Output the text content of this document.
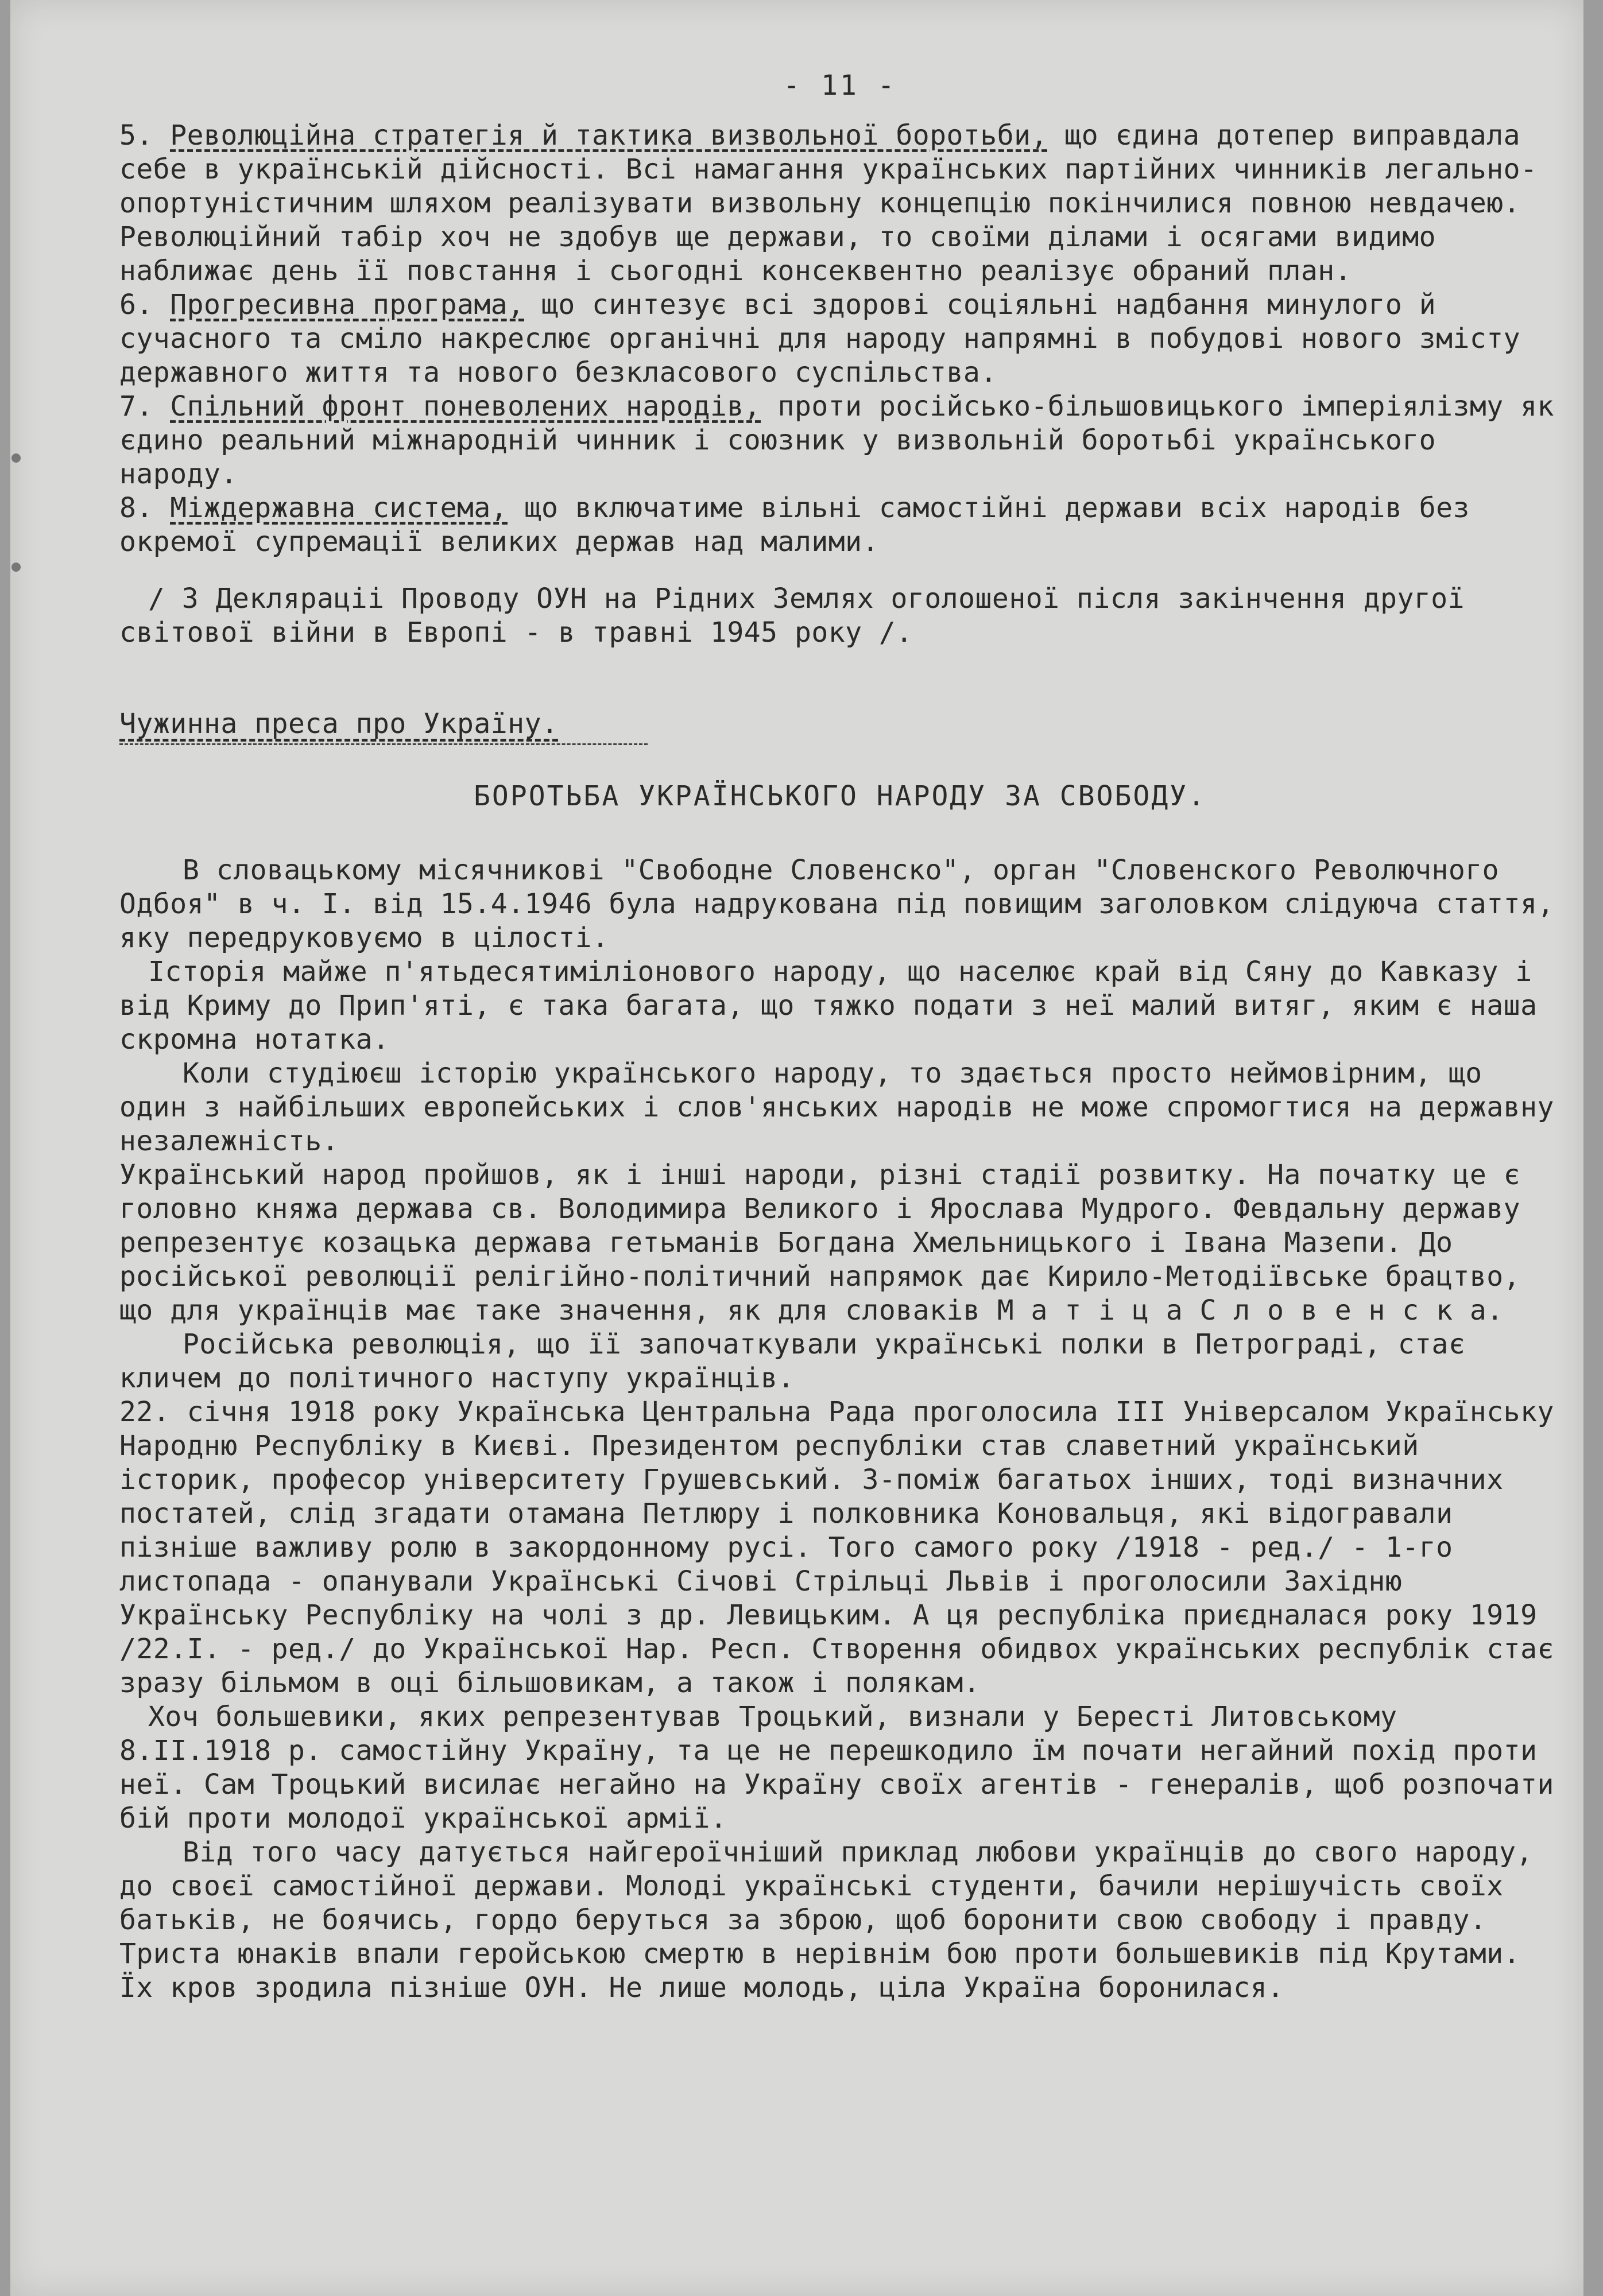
- 11 -

5. Революційна стратегія й тактика визвольної боротьби, що єдина дотепер виправдала себе в українській дійсності. Всі намагання українських партійних чинників легально-опортуністичним шляхом реалізувати визвольну концепцію покінчилися повною невдачею. Революційний табір хоч не здобув ще держави, то своїми ділами і осягами видимо наближає день її повстання і сьогодні консеквентно реалізує обраний план.

6. Прогресивна програма, що синтезує всі здорові соціяльні надбання минулого й сучасного та сміло накреслює органічні для народу напрямні в побудові нового змісту державного життя та нового безкласового суспільства.

7. Спільний фронт поневолених народів, проти російсько-більшовицького імперіялізму як єдино реальний міжнародній чинник і союзник у визвольній боротьбі українського народу.

8. Міждержавна система, що включатиме вільні самостійні держави всіх народів без окремої супремації великих держав над малими.

/ З Декляраціі Проводу ОУН на Рідних Землях оголошеної після закінчення другої світової війни в Европі - в травні 1945 року /.

Чужинна преса про Україну.

БОРОТЬБА УКРАЇНСЬКОГО НАРОДУ ЗА СВОБОДУ.

В словацькому місячникові "Свободне Словенско", орган "Словенского Револючного Одбоя" в ч. І. від 15.4.1946 була надрукована під повищим заголовком слідуюча стаття, яку передруковуємо в цілості.

Історія майже п'ятьдесятиміліонового народу, що населює край від Сяну до Кавказу і від Криму до Прип'яті, є така багата, що тяжко подати з неї малий витяг, яким є наша скромна нотатка.

Коли студіюєш історію українського народу, то здається просто неймовірним, що один з найбільших европейських і слов'янських народів не може спромогтися на державну незалежність.

Український народ пройшов, як і інші народи, різні стадії розвитку. На початку це є головно княжа держава св. Володимира Великого і Ярослава Мудрого. Февдальну державу репрезентує козацька держава гетьманів Богдана Хмельницького і Івана Мазепи. До російської революції релігійно-політичний напрямок дає Кирило-Методіївське брацтво, що для українців має таке значення, як для словаків М а т і ц а С л о в е н с к а.

Російська революція, що її започаткували українські полки в Петрограді, стає кличем до політичного наступу українців.

22. січня 1918 року Українська Центральна Рада проголосила III Універсалом Українську Народню Республіку в Києві. Президентом республіки став славетний український історик, професор університету Грушевський. З-поміж багатьох інших, тоді визначних постатей, слід згадати отамана Петлюру і полковника Коновальця, які відогравали пізніше важливу ролю в закордонному русі. Того самого року /1918 - ред./ - 1-го листопада - опанували Українські Січові Стрільці Львів і проголосили Західню Українську Республіку на чолі з др. Левицьким. А ця республіка приєдналася року 1919 /22.І. - ред./ до Української Нар. Респ. Створення обидвох українських республік стає зразу більмом в оці більшовикам, а також і полякам.

Хоч большевики, яких репрезентував Троцький, визнали у Бересті Литовському 8.II.1918 р. самостійну Україну, та це не перешкодило їм почати негайний похід проти неї. Сам Троцький висилає негайно на Україну своїх агентів - генералів, щоб розпочати бій проти молодої української армії.

Від того часу датується найгероїчніший приклад любови українців до свого народу, до своєї самостійної держави. Молоді українські студенти, бачили нерішучість своїх батьків, не боячись, гордо беруться за зброю, щоб боронити свою свободу і правду. Триста юнаків впали геройською смертю в нерівнім бою проти большевиків під Крутами. Їх кров зродила пізніше ОУН. Не лише молодь, ціла Україна боронилася.
